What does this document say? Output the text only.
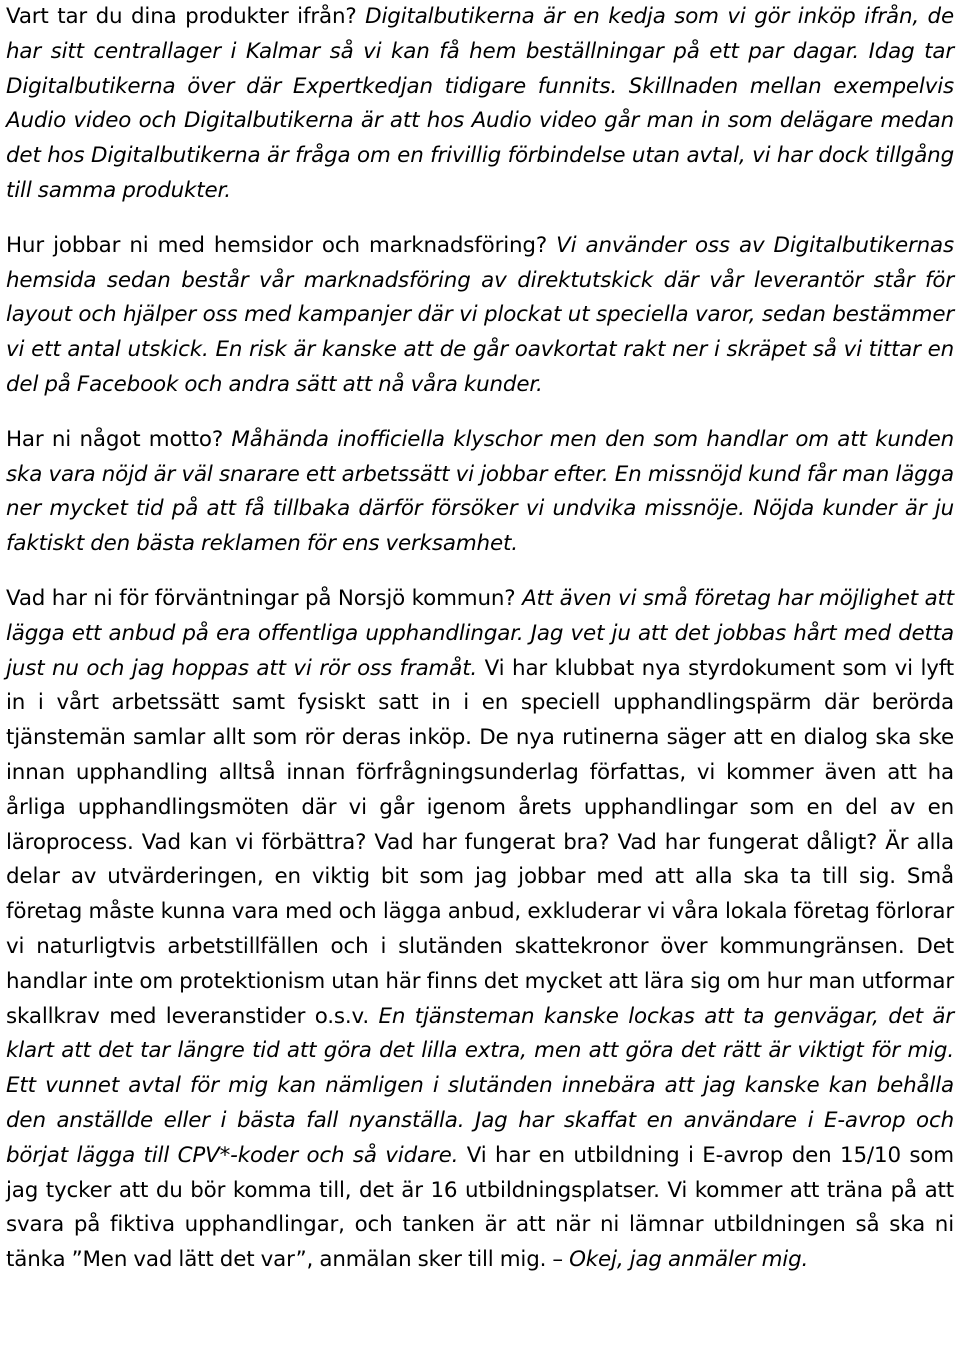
Vart tar du dina produkter ifrån? Digitalbutikerna är en kedja som vi gör inköp ifrån, de har sitt centrallager i Kalmar så vi kan få hem beställningar på ett par dagar. Idag tar Digitalbutikerna över där Expertkedjan tidigare funnits. Skillnaden mellan exempelvis Audio video och Digitalbutikerna är att hos Audio video går man in som delägare medan det hos Digitalbutikerna är fråga om en frivillig förbindelse utan avtal, vi har dock tillgång till samma produkter.

Hur jobbar ni med hemsidor och marknadsföring? Vi använder oss av Digitalbutikernas hemsida sedan består vår marknadsföring av direktutskick där vår leverantör står för layout och hjälper oss med kampanjer där vi plockat ut speciella varor, sedan bestämmer vi ett antal utskick. En risk är kanske att de går oavkortat rakt ner i skräpet så vi tittar en del på Facebook och andra sätt att nå våra kunder.

Har ni något motto? Måhända inofficiella klyschor men den som handlar om att kunden ska vara nöjd är väl snarare ett arbetssätt vi jobbar efter. En missnöjd kund får man lägga ner mycket tid på att få tillbaka därför försöker vi undvika missnöje. Nöjda kunder är ju faktiskt den bästa reklamen för ens verksamhet.

Vad har ni för förväntningar på Norsjö kommun? Att även vi små företag har möjlighet att lägga ett anbud på era offentliga upphandlingar. Jag vet ju att det jobbas hårt med detta just nu och jag hoppas att vi rör oss framåt. Vi har klubbat nya styrdokument som vi lyft in i vårt arbetssätt samt fysiskt satt in i en speciell upphandlingspärm där berörda tjänstemän samlar allt som rör deras inköp. De nya rutinerna säger att en dialog ska ske innan upphandling alltså innan förfrågningsunderlag författas, vi kommer även att ha årliga upphandlingsmöten där vi går igenom årets upphandlingar som en del av en läroprocess. Vad kan vi förbättra? Vad har fungerat bra? Vad har fungerat dåligt? Är alla delar av utvärderingen, en viktig bit som jag jobbar med att alla ska ta till sig. Små företag måste kunna vara med och lägga anbud, exkluderar vi våra lokala företag förlorar vi naturligtvis arbetstillfällen och i slutänden skattekronor över kommungränsen. Det handlar inte om protektionism utan här finns det mycket att lära sig om hur man utformar skallkrav med leveranstider o.s.v. En tjänsteman kanske lockas att ta genvägar, det är klart att det tar längre tid att göra det lilla extra, men att göra det rätt är viktigt för mig. Ett vunnet avtal för mig kan nämligen i slutänden innebära att jag kanske kan behålla den anställde eller i bästa fall nyanställa. Jag har skaffat en användare i E-avrop och börjat lägga till CPV*-koder och så vidare. Vi har en utbildning i E-avrop den 15/10 som jag tycker att du bör komma till, det är 16 utbildningsplatser. Vi kommer att träna på att svara på fiktiva upphandlingar, och tanken är att när ni lämnar utbildningen så ska ni tänka ”Men vad lätt det var”, anmälan sker till mig. – Okej, jag anmäler mig.
